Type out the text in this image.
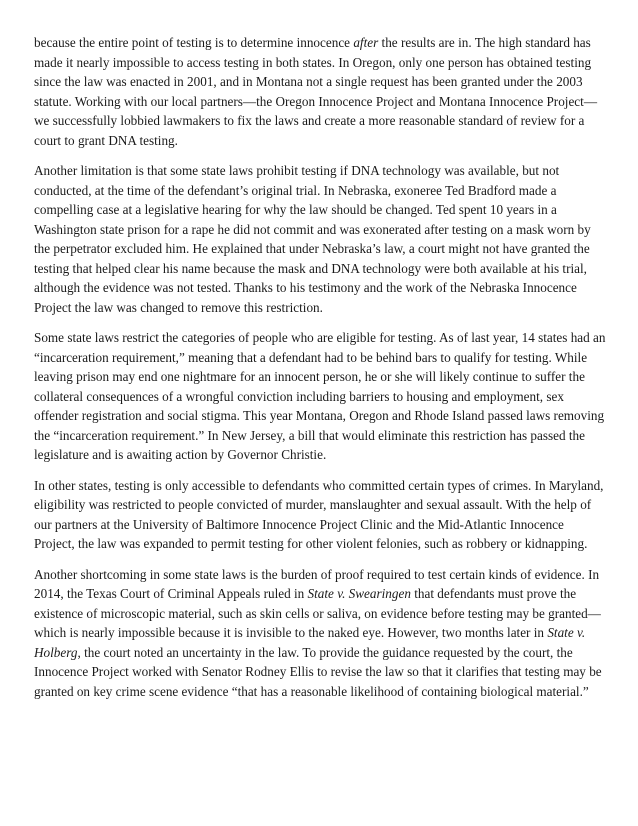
because the entire point of testing is to determine innocence after the results are in. The high standard has made it nearly impossible to access testing in both states. In Oregon, only one person has obtained testing since the law was enacted in 2001, and in Montana not a single request has been granted under the 2003 statute. Working with our local partners—the Oregon Innocence Project and Montana Innocence Project—we successfully lobbied lawmakers to fix the laws and create a more reasonable standard of review for a court to grant DNA testing.

Another limitation is that some state laws prohibit testing if DNA technology was available, but not conducted, at the time of the defendant’s original trial. In Nebraska, exoneree Ted Bradford made a compelling case at a legislative hearing for why the law should be changed. Ted spent 10 years in a Washington state prison for a rape he did not commit and was exonerated after testing on a mask worn by the perpetrator excluded him. He explained that under Nebraska’s law, a court might not have granted the testing that helped clear his name because the mask and DNA technology were both available at his trial, although the evidence was not tested. Thanks to his testimony and the work of the Nebraska Innocence Project the law was changed to remove this restriction.

Some state laws restrict the categories of people who are eligible for testing. As of last year, 14 states had an “incarceration requirement,” meaning that a defendant had to be behind bars to qualify for testing. While leaving prison may end one nightmare for an innocent person, he or she will likely continue to suffer the collateral consequences of a wrongful conviction including barriers to housing and employment, sex offender registration and social stigma. This year Montana, Oregon and Rhode Island passed laws removing the “incarceration requirement.” In New Jersey, a bill that would eliminate this restriction has passed the legislature and is awaiting action by Governor Christie.

In other states, testing is only accessible to defendants who committed certain types of crimes. In Maryland, eligibility was restricted to people convicted of murder, manslaughter and sexual assault. With the help of our partners at the University of Baltimore Innocence Project Clinic and the Mid-Atlantic Innocence Project, the law was expanded to permit testing for other violent felonies, such as robbery or kidnapping.

Another shortcoming in some state laws is the burden of proof required to test certain kinds of evidence. In 2014, the Texas Court of Criminal Appeals ruled in State v. Swearingen that defendants must prove the existence of microscopic material, such as skin cells or saliva, on evidence before testing may be granted—which is nearly impossible because it is invisible to the naked eye. However, two months later in State v. Holberg, the court noted an uncertainty in the law. To provide the guidance requested by the court, the Innocence Project worked with Senator Rodney Ellis to revise the law so that it clarifies that testing may be granted on key crime scene evidence “that has a reasonable likelihood of containing biological material.”
